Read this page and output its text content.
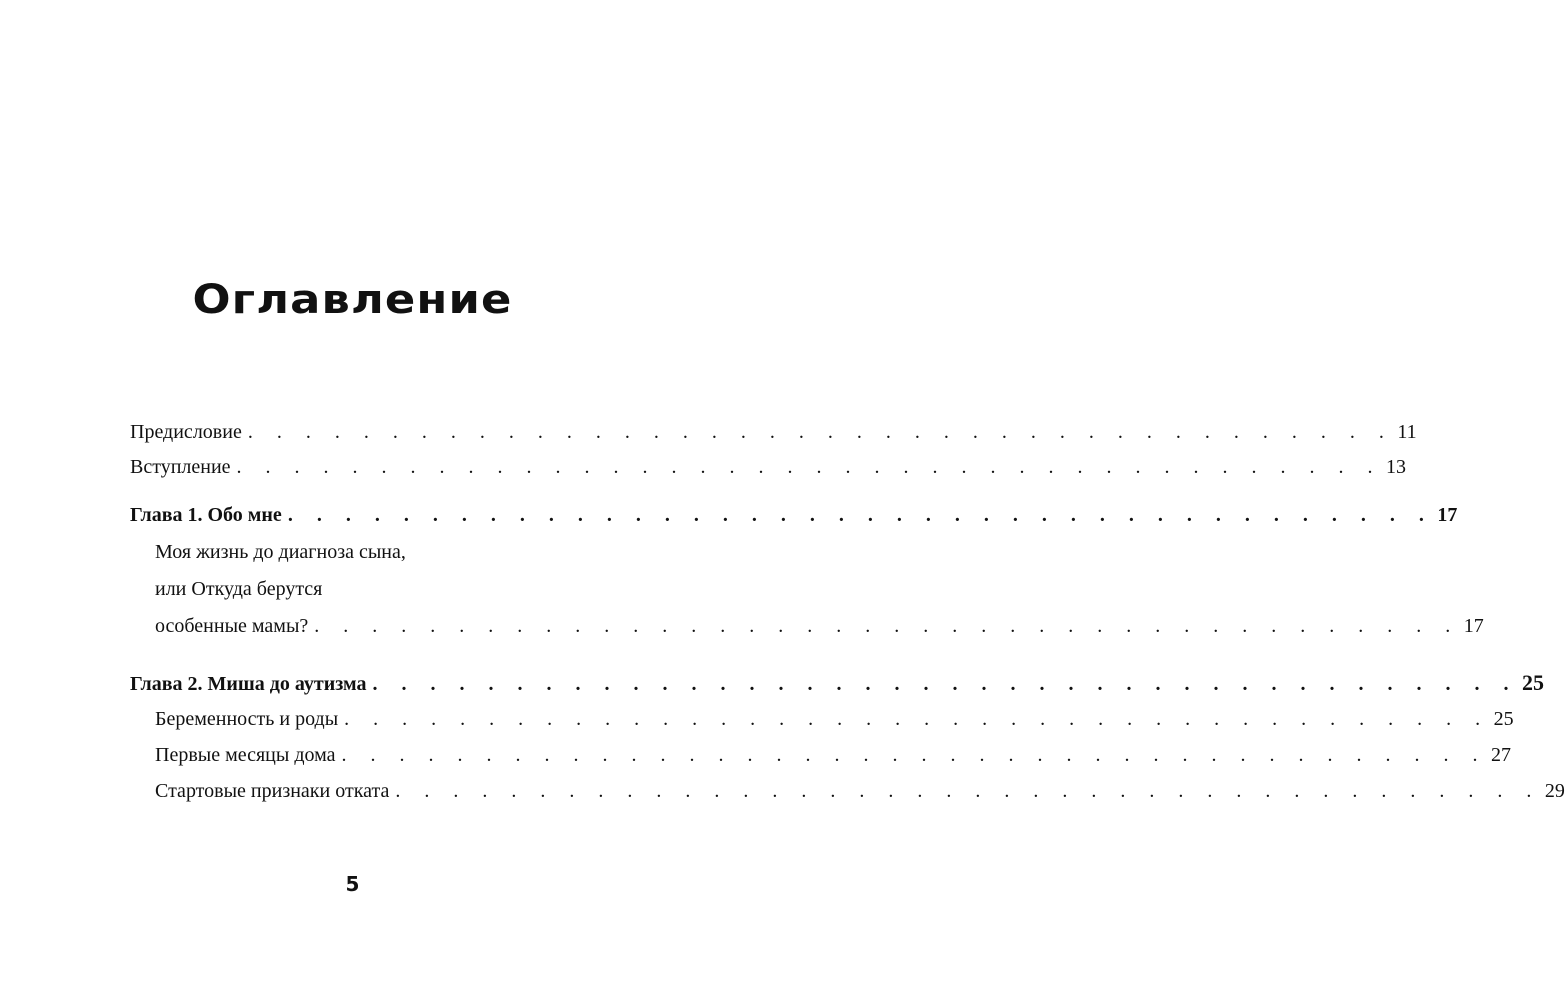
Оглавление
Предисловие . . . . . . . . . . . . . . . . . . . . . . . . . . . . . . . . . . . . . . . . 11
Вступление . . . . . . . . . . . . . . . . . . . . . . . . . . . . . . . . . . . . . . . . 13
Глава 1. Обо мне . . . . . . . . . . . . . . . . . . . . . . . . . . . . . . . . . . . . . . . . 17
Моя жизнь до диагноза сына,
или Откуда берутся
особенные мамы? . . . . . . . . . . . . . . . . . . . . . . . . . . . . . . . . . . . . . . . . 17
Глава 2. Миша до аутизма . . . . . . . . . . . . . . . . . . . . . . . . . . . . . . . . . . . . . . . . 25
Беременность и роды . . . . . . . . . . . . . . . . . . . . . . . . . . . . . . . . . . . . . . . . 25
Первые месяцы дома . . . . . . . . . . . . . . . . . . . . . . . . . . . . . . . . . . . . . . . . 27
Стартовые признаки отката . . . . . . . . . . . . . . . . . . . . . . . . . . . . . . . . . . . . . . . . 29
5
